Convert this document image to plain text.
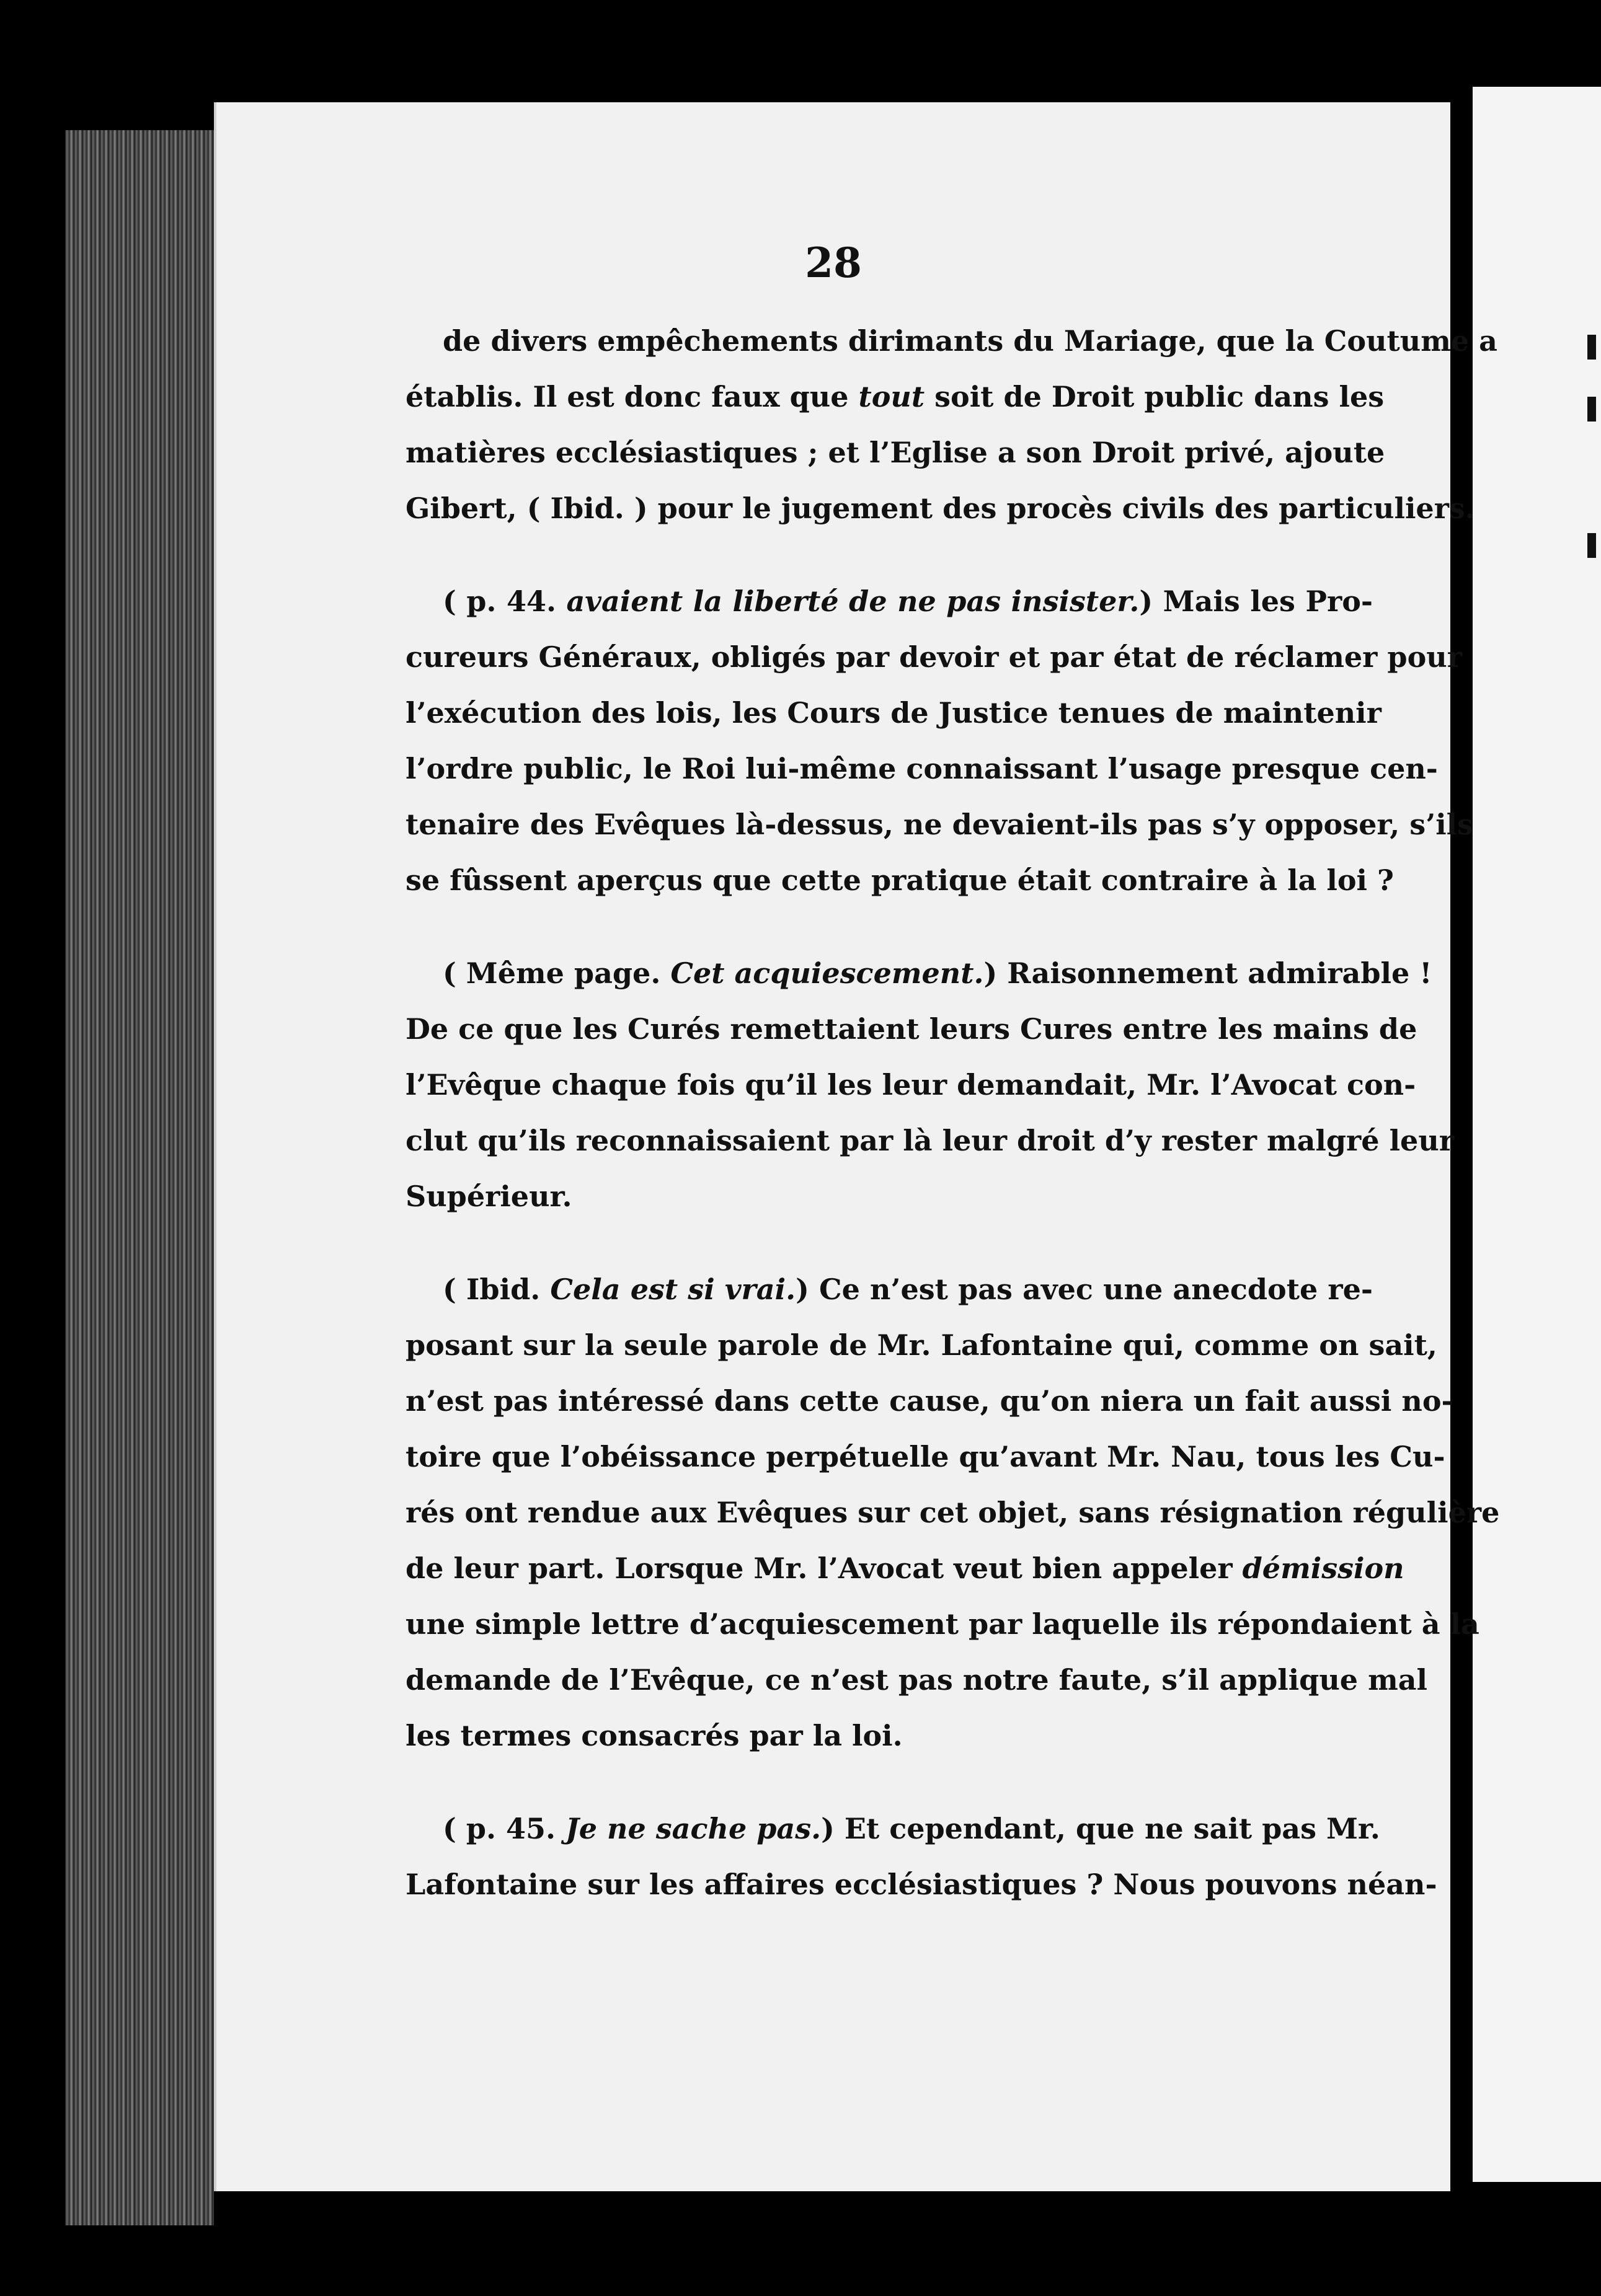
28

de divers empêchements dirimants du Mariage, que la Coutume a
établis. Il est donc faux que tout soit de Droit public dans les
matières ecclésiastiques ; et l’Eglise a son Droit privé, ajoute
Gibert, ( Ibid. ) pour le jugement des procès civils des particuliers.

( p. 44. avaient la liberté de ne pas insister.) Mais les Pro-
cureurs Généraux, obligés par devoir et par état de réclamer pour
l’exécution des lois, les Cours de Justice tenues de maintenir
l’ordre public, le Roi lui-même connaissant l’usage presque cen-
tenaire des Evêques là-dessus, ne devaient-ils pas s’y opposer, s’ils
se fûssent aperçus que cette pratique était contraire à la loi ?

( Même page. Cet acquiescement.) Raisonnement admirable !
De ce que les Curés remettaient leurs Cures entre les mains de
l’Evêque chaque fois qu’il les leur demandait, Mr. l’Avocat con-
clut qu’ils reconnaissaient par là leur droit d’y rester malgré leur
Supérieur.

( Ibid. Cela est si vrai.) Ce n’est pas avec une anecdote re-
posant sur la seule parole de Mr. Lafontaine qui, comme on sait,
n’est pas intéressé dans cette cause, qu’on niera un fait aussi no-
toire que l’obéissance perpétuelle qu’avant Mr. Nau, tous les Cu-
rés ont rendue aux Evêques sur cet objet, sans résignation régulière
de leur part. Lorsque Mr. l’Avocat veut bien appeler démission
une simple lettre d’acquiescement par laquelle ils répondaient à la
demande de l’Evêque, ce n’est pas notre faute, s’il applique mal
les termes consacrés par la loi.

( p. 45. Je ne sache pas.) Et cependant, que ne sait pas Mr.
Lafontaine sur les affaires ecclésiastiques ? Nous pouvons néan-
